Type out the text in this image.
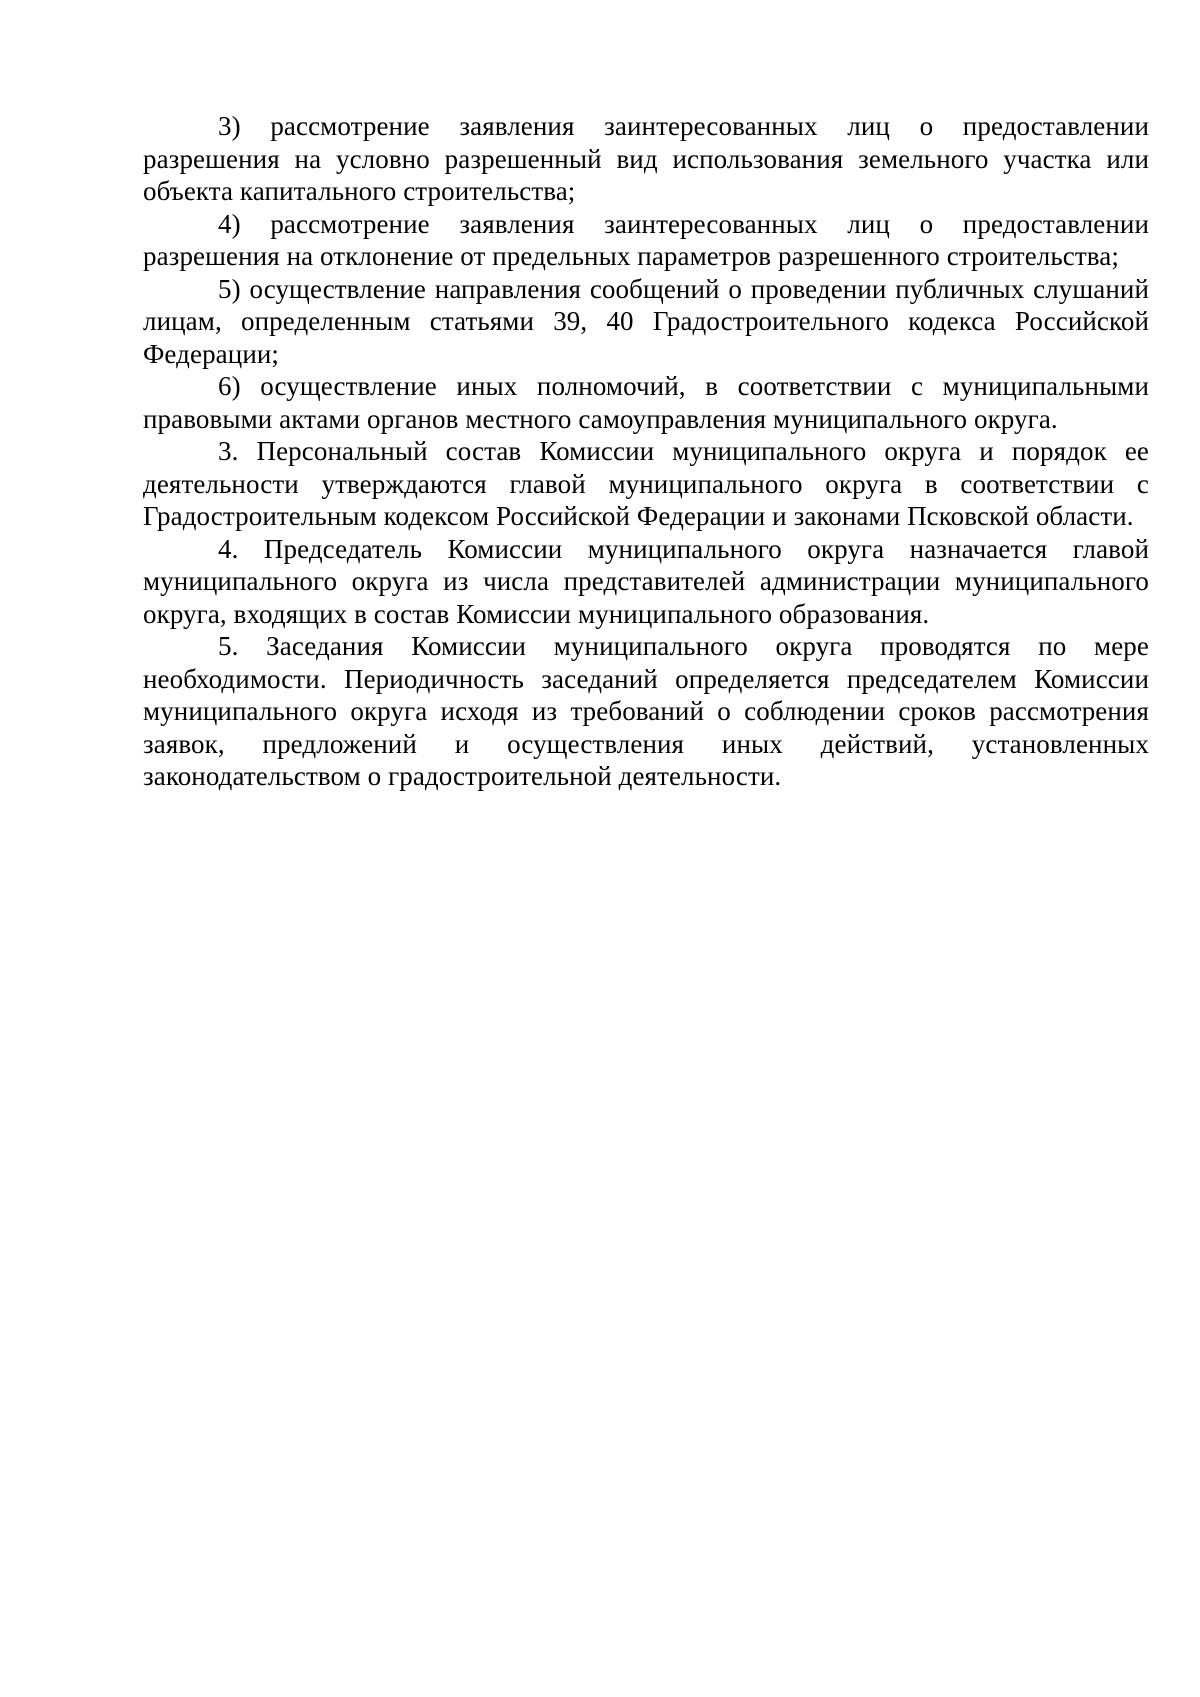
3) рассмотрение заявления заинтересованных лиц о предоставлении разрешения на условно разрешенный вид использования земельного участка или объекта капитального строительства;

4) рассмотрение заявления заинтересованных лиц о предоставлении разрешения на отклонение от предельных параметров разрешенного строительства;

5) осуществление направления сообщений о проведении публичных слушаний лицам, определенным статьями 39, 40 Градостроительного кодекса Российской Федерации;

6) осуществление иных полномочий, в соответствии с муниципальными правовыми актами органов местного самоуправления муниципального округа.

3. Персональный состав Комиссии муниципального округа и порядок ее деятельности утверждаются главой муниципального округа в соответствии с Градостроительным кодексом Российской Федерации и законами Псковской области.

4. Председатель Комиссии муниципального округа назначается главой муниципального округа из числа представителей администрации муниципального округа, входящих в состав Комиссии муниципального образования.

5. Заседания Комиссии муниципального округа проводятся по мере необходимости. Периодичность заседаний определяется председателем Комиссии муниципального округа исходя из требований о соблюдении сроков рассмотрения заявок, предложений и осуществления иных действий, установленных законодательством о градостроительной деятельности.
